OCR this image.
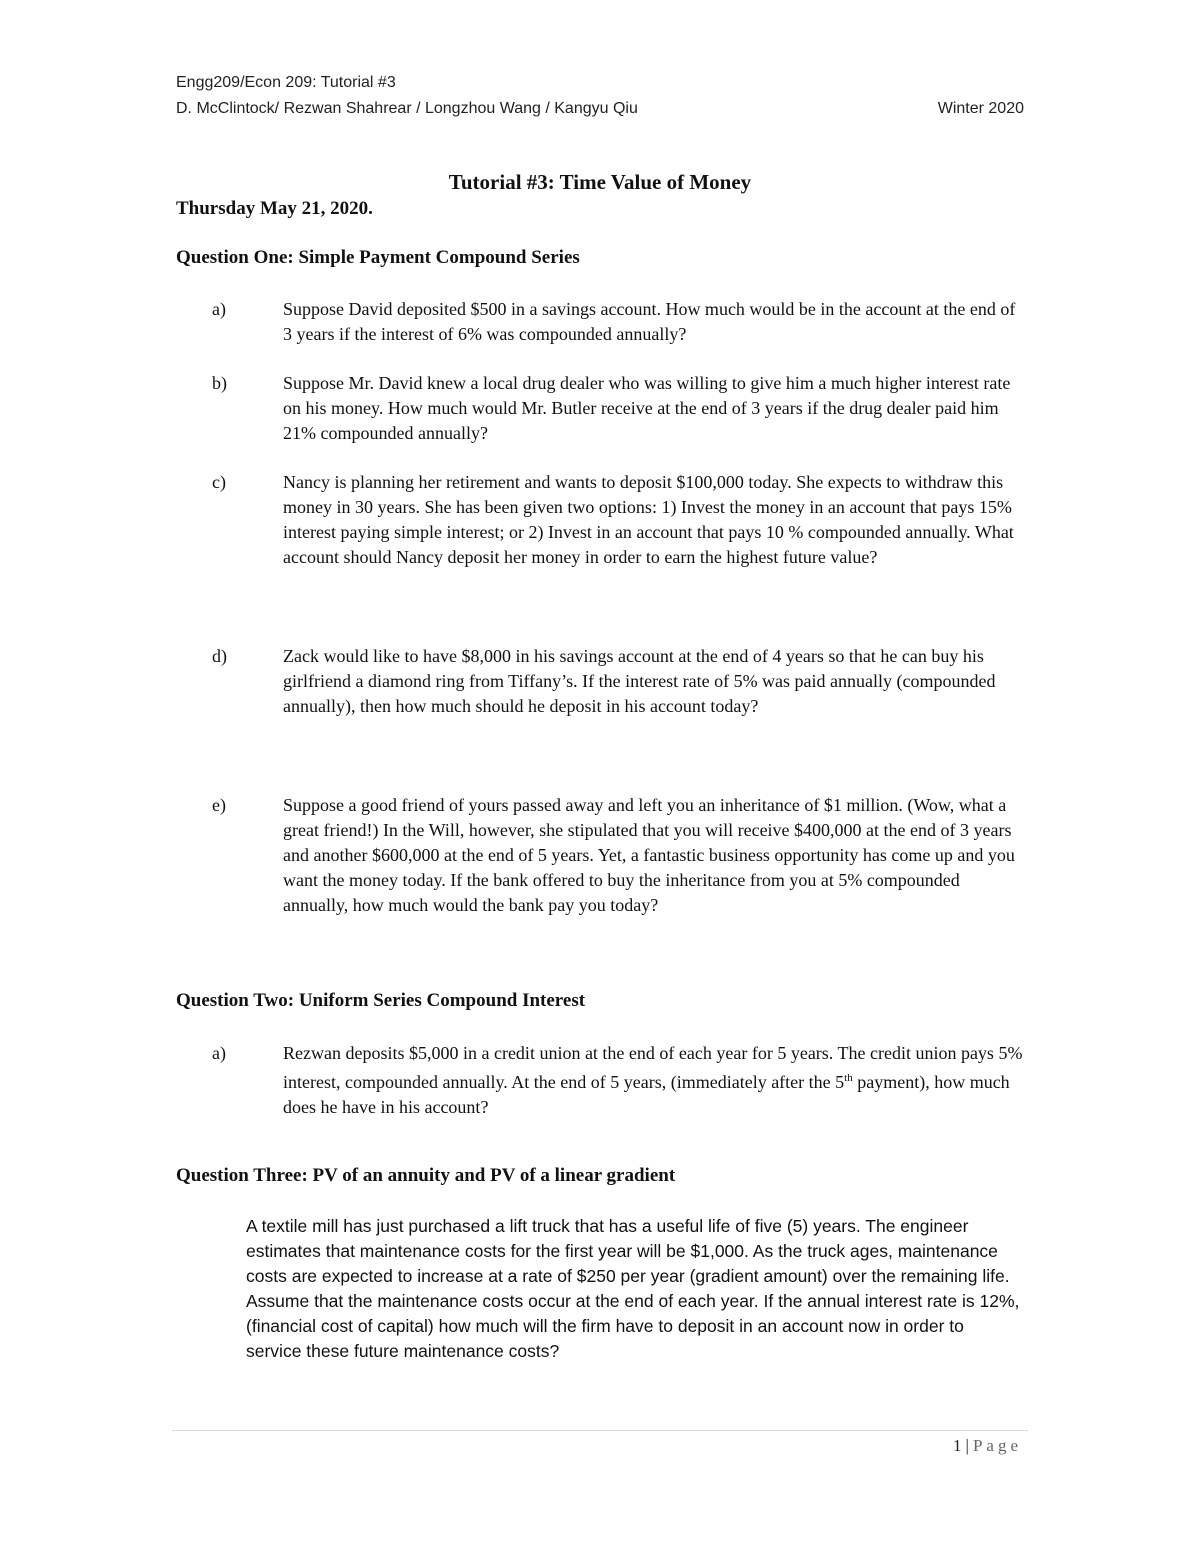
Engg209/Econ 209: Tutorial #3
D. McClintock/ Rezwan Shahrear / Longzhou Wang / Kangyu Qiu	Winter 2020
Tutorial #3: Time Value of Money
Thursday May 21, 2020.
Question One: Simple Payment Compound Series
a)	Suppose David deposited $500 in a savings account. How much would be in the account at the end of 3 years if the interest of 6% was compounded annually?
b)	Suppose Mr. David knew a local drug dealer who was willing to give him a much higher interest rate on his money. How much would Mr. Butler receive at the end of 3 years if the drug dealer paid him 21% compounded annually?
c)	Nancy is planning her retirement and wants to deposit $100,000 today. She expects to withdraw this money in 30 years. She has been given two options: 1) Invest the money in an account that pays 15% interest paying simple interest; or 2) Invest in an account that pays 10 % compounded annually. What account should Nancy deposit her money in order to earn the highest future value?
d)	Zack would like to have $8,000 in his savings account at the end of 4 years so that he can buy his girlfriend a diamond ring from Tiffany’s. If the interest rate of 5% was paid annually (compounded annually), then how much should he deposit in his account today?
e)	Suppose a good friend of yours passed away and left you an inheritance of $1 million. (Wow, what a great friend!) In the Will, however, she stipulated that you will receive $400,000 at the end of 3 years and another $600,000 at the end of 5 years. Yet, a fantastic business opportunity has come up and you want the money today. If the bank offered to buy the inheritance from you at 5% compounded annually, how much would the bank pay you today?
Question Two: Uniform Series Compound Interest
a)	Rezwan deposits $5,000 in a credit union at the end of each year for 5 years. The credit union pays 5% interest, compounded annually. At the end of 5 years, (immediately after the 5th payment), how much does he have in his account?
Question Three: PV of an annuity and PV of a linear gradient
A textile mill has just purchased a lift truck that has a useful life of five (5) years. The engineer estimates that maintenance costs for the first year will be $1,000. As the truck ages, maintenance costs are expected to increase at a rate of $250 per year (gradient amount) over the remaining life. Assume that the maintenance costs occur at the end of each year. If the annual interest rate is 12%, (financial cost of capital) how much will the firm have to deposit in an account now in order to service these future maintenance costs?
1 | Page
